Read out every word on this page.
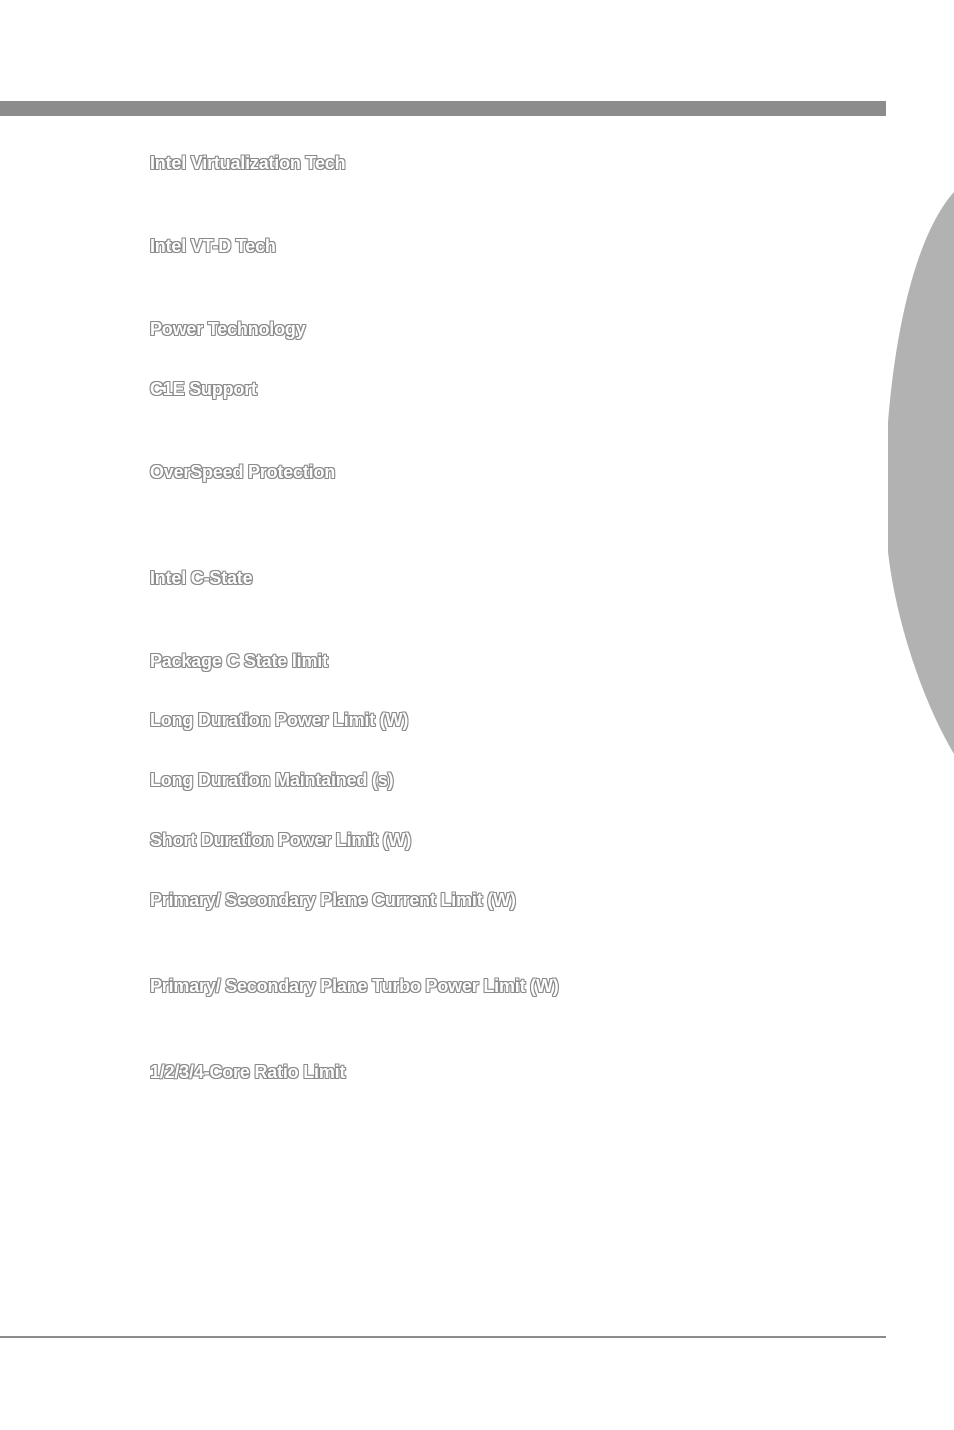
Intel Virtualization Tech

Intel VT-D Tech

Power Technology

C1E Support

OverSpeed Protection

Intel C-State

Package C State limit

Long Duration Power Limit (W)

Long Duration Maintained (s)

Short Duration Power Limit (W)

Primary/ Secondary Plane Current Limit (W)

Primary/ Secondary Plane Turbo Power Limit (W)

1/2/3/4-Core Ratio Limit
